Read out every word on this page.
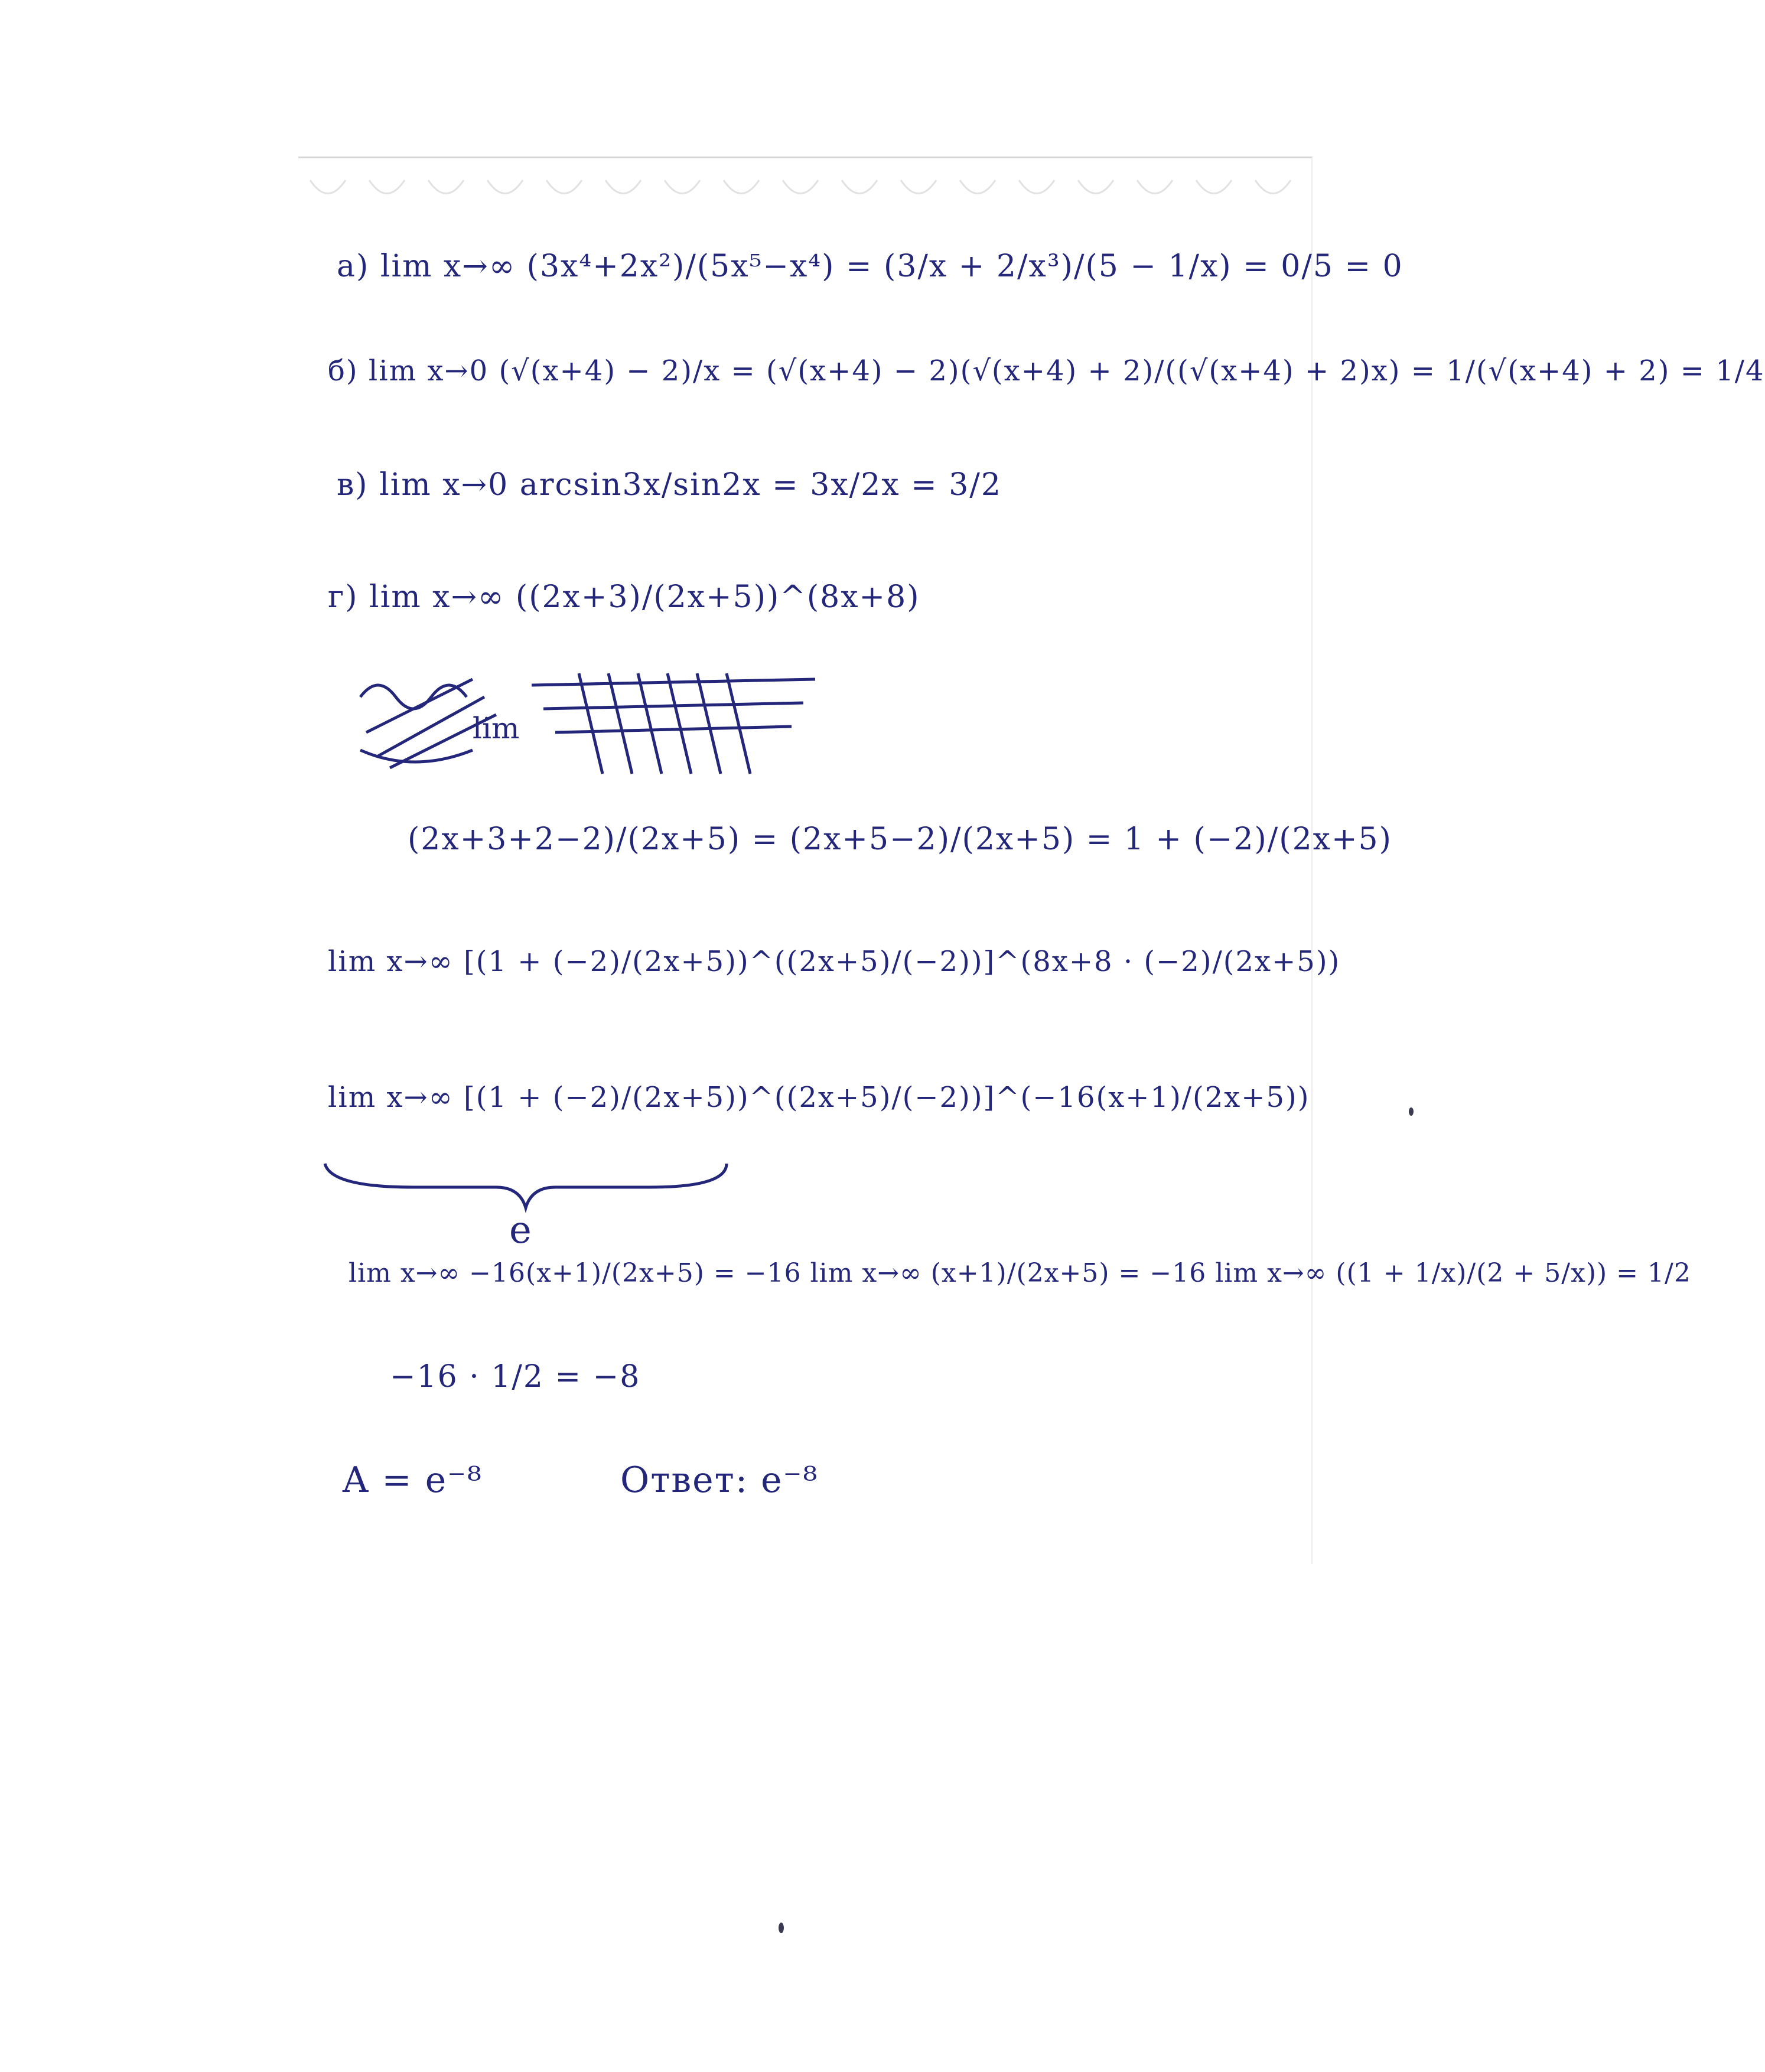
а) lim x→∞ (3x⁴+2x²)/(5x⁵−x⁴) = (3/x + 2/x³)/(5 − 1/x) = 0/5 = 0
б) lim x→0 (√(x+4) − 2)/x = (√(x+4) − 2)(√(x+4) + 2)/((√(x+4) + 2)x) = 1/(√(x+4) + 2) = 1/4
в) lim x→0 arcsin3x/sin2x = 3x/2x = 3/2
г) lim x→∞ ((2x+3)/(2x+5))^(8x+8)
lim
(2x+3+2−2)/(2x+5) = (2x+5−2)/(2x+5) = 1 + (−2)/(2x+5)
lim x→∞ [(1 + (−2)/(2x+5))^((2x+5)/(−2))]^(8x+8 · (−2)/(2x+5))
lim x→∞ [(1 + (−2)/(2x+5))^((2x+5)/(−2))]^(−16(x+1)/(2x+5))
e
lim x→∞ −16(x+1)/(2x+5) = −16 lim x→∞ (x+1)/(2x+5) = −16 lim x→∞ ((1 + 1/x)/(2 + 5/x)) = 1/2
−16 · 1/2 = −8
A = e⁻⁸	Ответ: e⁻⁸
